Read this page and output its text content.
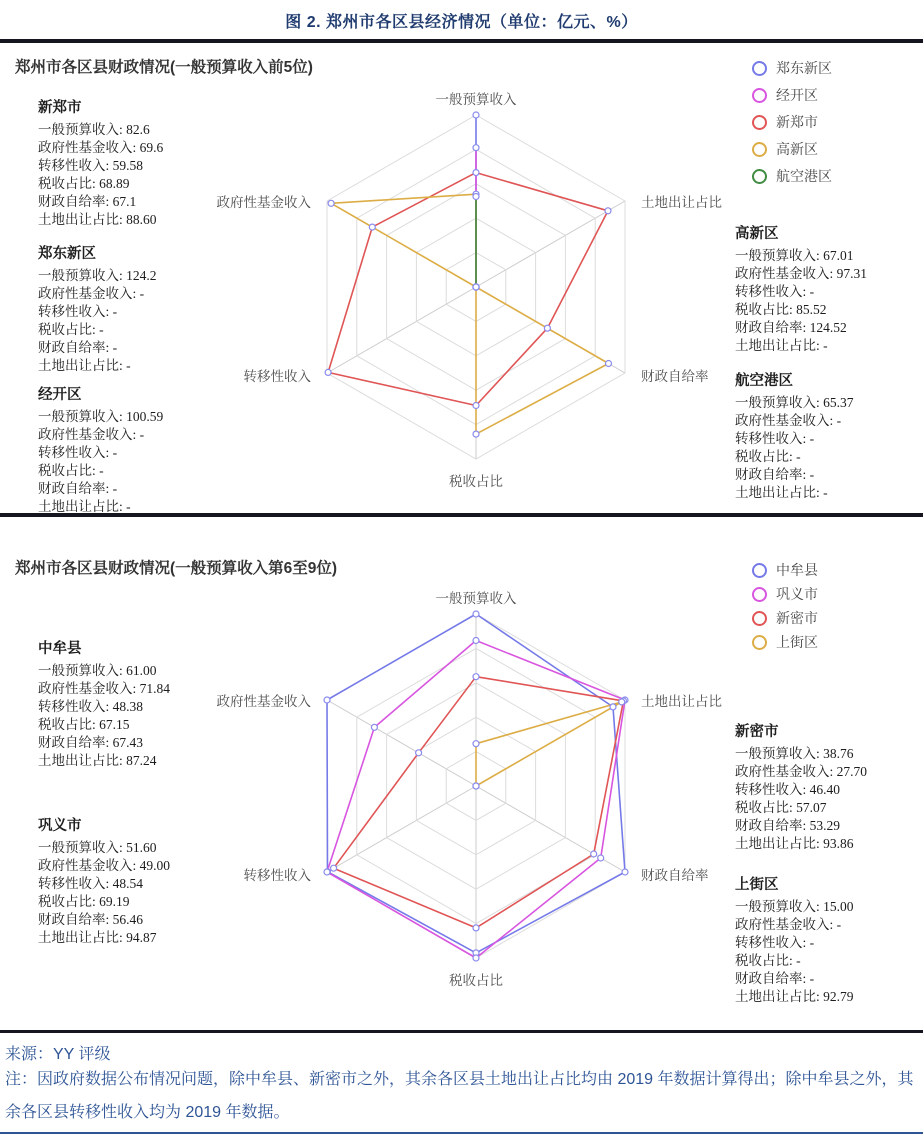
图 2. 郑州市各区县经济情况（单位：亿元、%）
郑州市各区县财政情况(一般预算收入前5位)
郑州市各区县财政情况(一般预算收入第6至9位)
新郑市
一般预算收入: 82.6
政府性基金收入: 69.6
转移性收入: 59.58
税收占比: 68.89
财政自给率: 67.1
土地出让占比: 88.60
郑东新区
一般预算收入: 124.2
政府性基金收入: -
转移性收入: -
税收占比: -
财政自给率: -
土地出让占比: -
经开区
一般预算收入: 100.59
政府性基金收入: -
转移性收入: -
税收占比: -
财政自给率: -
土地出让占比: -
高新区
一般预算收入: 67.01
政府性基金收入: 97.31
转移性收入: -
税收占比: 85.52
财政自给率: 124.52
土地出让占比: -
航空港区
一般预算收入: 65.37
政府性基金收入: -
转移性收入: -
税收占比: -
财政自给率: -
土地出让占比: -
郑东新区
经开区
新郑市
高新区
航空港区
中牟县
一般预算收入: 61.00
政府性基金收入: 71.84
转移性收入: 48.38
税收占比: 67.15
财政自给率: 67.43
土地出让占比: 87.24
巩义市
一般预算收入: 51.60
政府性基金收入: 49.00
转移性收入: 48.54
税收占比: 69.19
财政自给率: 56.46
土地出让占比: 94.87
新密市
一般预算收入: 38.76
政府性基金收入: 27.70
转移性收入: 46.40
税收占比: 57.07
财政自给率: 53.29
土地出让占比: 93.86
上街区
一般预算收入: 15.00
政府性基金收入: -
转移性收入: -
税收占比: -
财政自给率: -
土地出让占比: 92.79
中牟县
巩义市
新密市
上街区
一般预算收入
土地出让占比
财政自给率
税收占比
转移性收入
政府性基金收入
一般预算收入
土地出让占比
财政自给率
税收占比
转移性收入
政府性基金收入
来源：YY 评级
注：因政府数据公布情况问题，除中牟县、新密市之外，其余各区县土地出让占比均由 2019 年数据计算得出；除中牟县之外，其余各区县转移性收入均为 2019 年数据。
